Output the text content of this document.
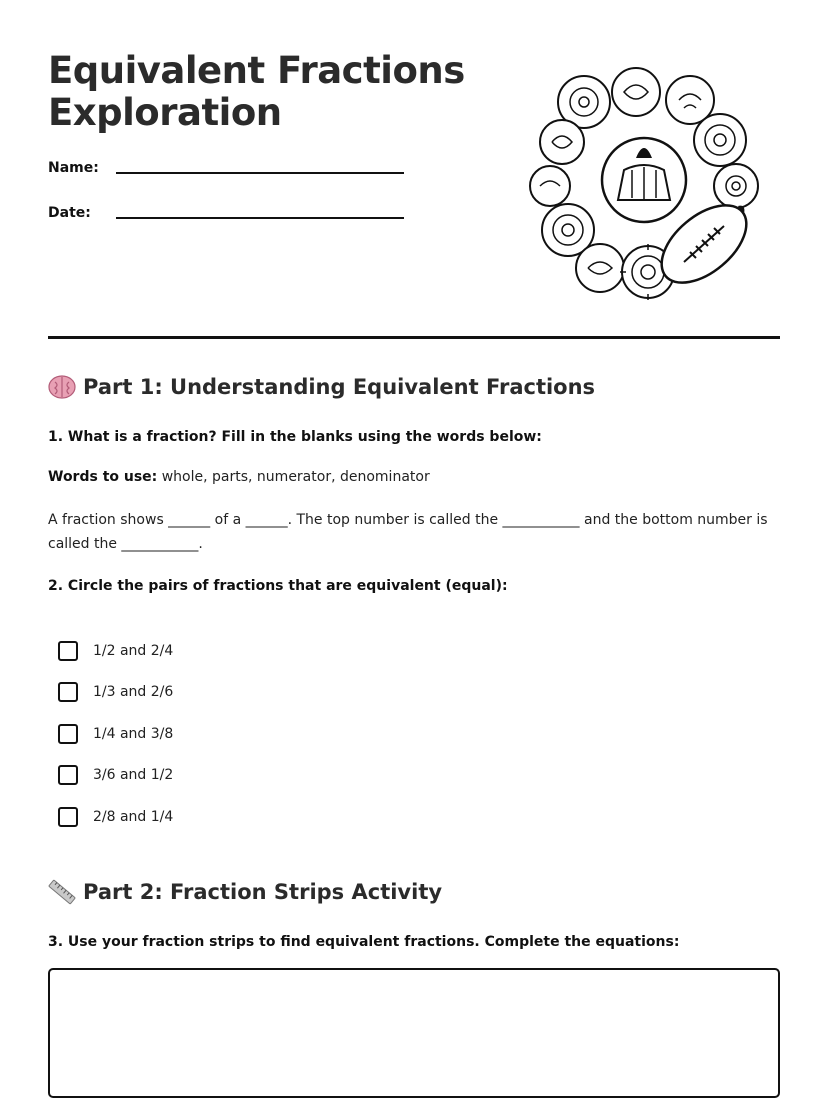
Equivalent Fractions
Exploration
Name:
Date:
Part 1: Understanding Equivalent Fractions

1. What is a fraction? Fill in the blanks using the words below:

Words to use: whole, parts, numerator, denominator

A fraction shows ______ of a ______. The top number is called the ___________ and the bottom number is called the ___________.

2. Circle the pairs of fractions that are equivalent (equal):

1/2 and 2/4
1/3 and 2/6
1/4 and 3/8
3/6 and 1/2
2/8 and 1/4
Part 2: Fraction Strips Activity

3. Use your fraction strips to find equivalent fractions. Complete the equations:
